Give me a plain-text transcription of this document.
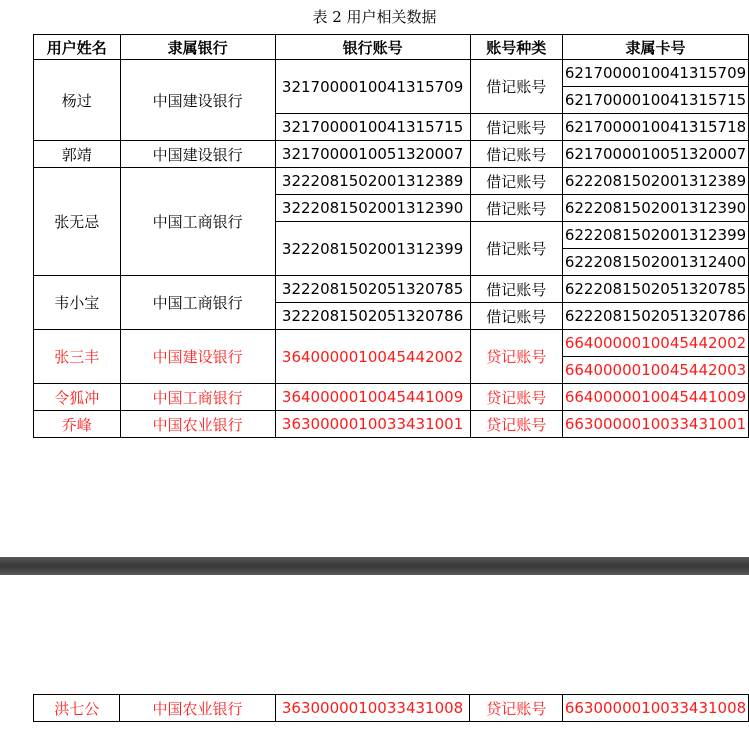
表 2 用户相关数据
用户姓名	隶属银行	银行账号	账号种类	隶属卡号
杨过	中国建设银行	3217000010041315709	借记账号	6217000010041315709
				6217000010041315715
		3217000010041315715	借记账号	6217000010041315718
郭靖	中国建设银行	3217000010051320007	借记账号	6217000010051320007
张无忌	中国工商银行	3222081502001312389	借记账号	6222081502001312389
		3222081502001312390	借记账号	6222081502001312390
		3222081502001312399	借记账号	6222081502001312399
				6222081502001312400
韦小宝	中国工商银行	3222081502051320785	借记账号	6222081502051320785
		3222081502051320786	借记账号	6222081502051320786
张三丰	中国建设银行	3640000010045442002	贷记账号	6640000010045442002
				6640000010045442003
令狐冲	中国工商银行	3640000010045441009	贷记账号	6640000010045441009
乔峰	中国农业银行	3630000010033431001	贷记账号	6630000010033431001
洪七公	中国农业银行	3630000010033431008	贷记账号	6630000010033431008
